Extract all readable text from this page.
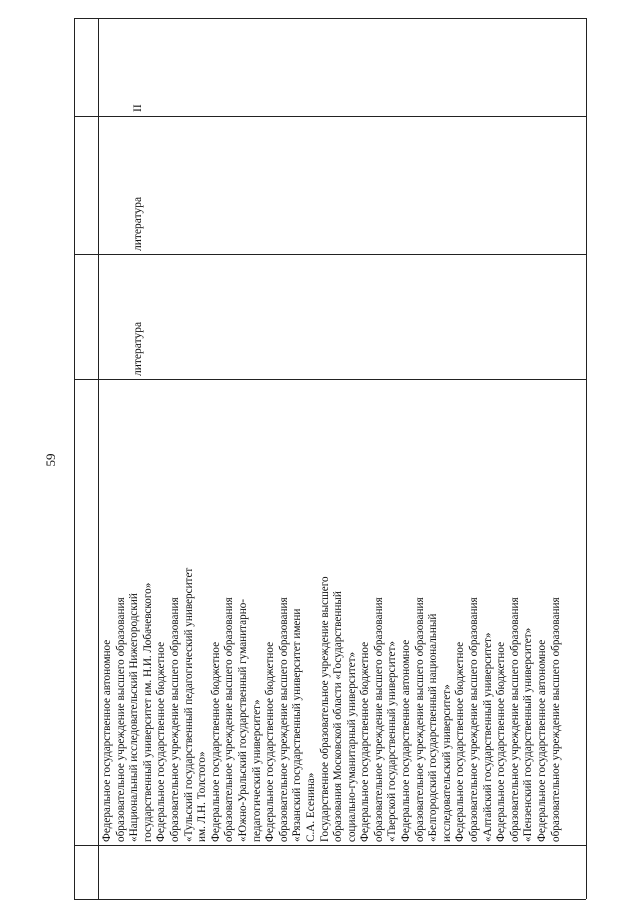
59
Федеральное государственное автономное образовательное учреждение высшего образования «Национальный исследовательский Нижегородский государственный университет им. Н.И. Лобачевского» Федеральное государственное бюджетное образовательное учреждение высшего образования «Тульский государственный педагогический университет им. Л.Н. Толстого» Федеральное государственное бюджетное образовательное учреждение высшего образования «Южно-Уральский государственный гуманитарно- педагогический университет» Федеральное государственное бюджетное образовательное учреждение высшего образования «Рязанский государственный университет имени С.А. Есенина» Государственное образовательное учреждение высшего образования Московской области «Государственный социально-гуманитарный университет» Федеральное государственное бюджетное образовательное учреждение высшего образования «Тверской государственный университет» Федеральное государственное автономное образовательное учреждение высшего образования «Белгородский государственный национальный исследовательский университет» Федеральное государственное бюджетное образовательное учреждение высшего образования «Алтайский государственный университет» Федеральное государственное бюджетное образовательное учреждение высшего образования «Пензенский государственный университет» Федеральное государственное автономное образовательное учреждение высшего образования
литература
литература
II
